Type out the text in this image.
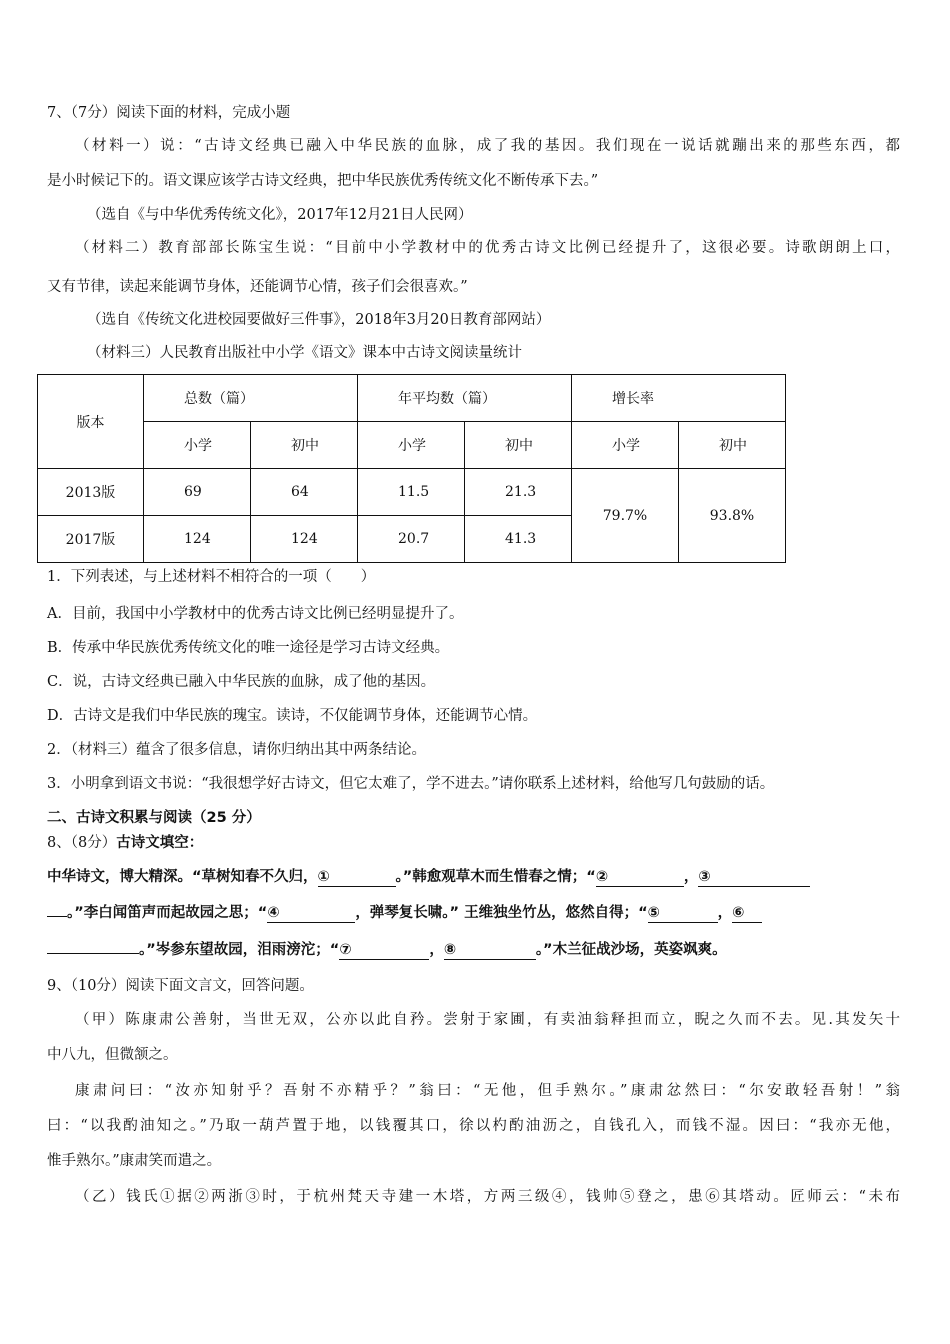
7、（7分）阅读下面的材料，完成小题
（材料一）说：“古诗文经典已融入中华民族的血脉，成了我的基因。我们现在一说话就蹦出来的那些东西，都
是小时候记下的。语文课应该学古诗文经典，把中华民族优秀传统文化不断传承下去。”
（选自《与中华优秀传统文化》，2017年12月21日人民网）
（材料二）教育部部长陈宝生说：“目前中小学教材中的优秀古诗文比例已经提升了，这很必要。诗歌朗朗上口，
又有节律，读起来能调节身体，还能调节心情，孩子们会很喜欢。”
（选自《传统文化进校园要做好三件事》，2018年3月20日教育部网站）
（材料三）人民教育出版社中小学《语文》课本中古诗文阅读量统计
版本	总数（篇）		年平均数（篇）		增长率	
	小学	初中	小学	初中	小学	初中
2013版	69	64	11.5	21.3	79.7%	93.8%
2017版	124	124	20.7	41.3		
1．下列表述，与上述材料不相符合的一项（　　）
A．目前，我国中小学教材中的优秀古诗文比例已经明显提升了。
B．传承中华民族优秀传统文化的唯一途径是学习古诗文经典。
C．说，古诗文经典已融入中华民族的血脉，成了他的基因。
D．古诗文是我们中华民族的瑰宝。读诗，不仅能调节身体，还能调节心情。
2．（材料三）蕴含了很多信息，请你归纳出其中两条结论。
3．小明拿到语文书说：“我很想学好古诗文，但它太难了，学不进去。”请你联系上述材料，给他写几句鼓励的话。
二、古诗文积累与阅读（25 分）
8、（8分）古诗文填空：
中华诗文，博大精深。“草树知春不久归，①	。”韩愈观草木而生惜春之情；“②	，③
。”李白闻笛声而起故园之思；“④	，弹琴复长啸。” 王维独坐竹丛，悠然自得；“⑤	，⑥
。”岑参东望故园，泪雨滂沱；“⑦	，⑧	。”木兰征战沙场，英姿飒爽。
9、（10分）阅读下面文言文，回答问题。
（甲）陈康肃公善射，当世无双，公亦以此自矜。尝射于家圃，有卖油翁释担而立，睨之久而不去。见.其发矢十
中八九，但微颔之。
康肃问曰：“汝亦知射乎？吾射不亦精乎？”翁曰：“无他，但手熟尔。”康肃忿然曰：“尔安敢轻吾射！”翁
曰：“以我酌油知之。”乃取一葫芦置于地，以钱覆其口，徐以杓酌油沥之，自钱孔入，而钱不湿。因曰：“我亦无他，
惟手熟尔。”康肃笑而遣之。
（乙）钱氏①据②两浙③时，于杭州梵天寺建一木塔，方两三级④，钱帅⑤登之，患⑥其塔动。匠师云：“未布
